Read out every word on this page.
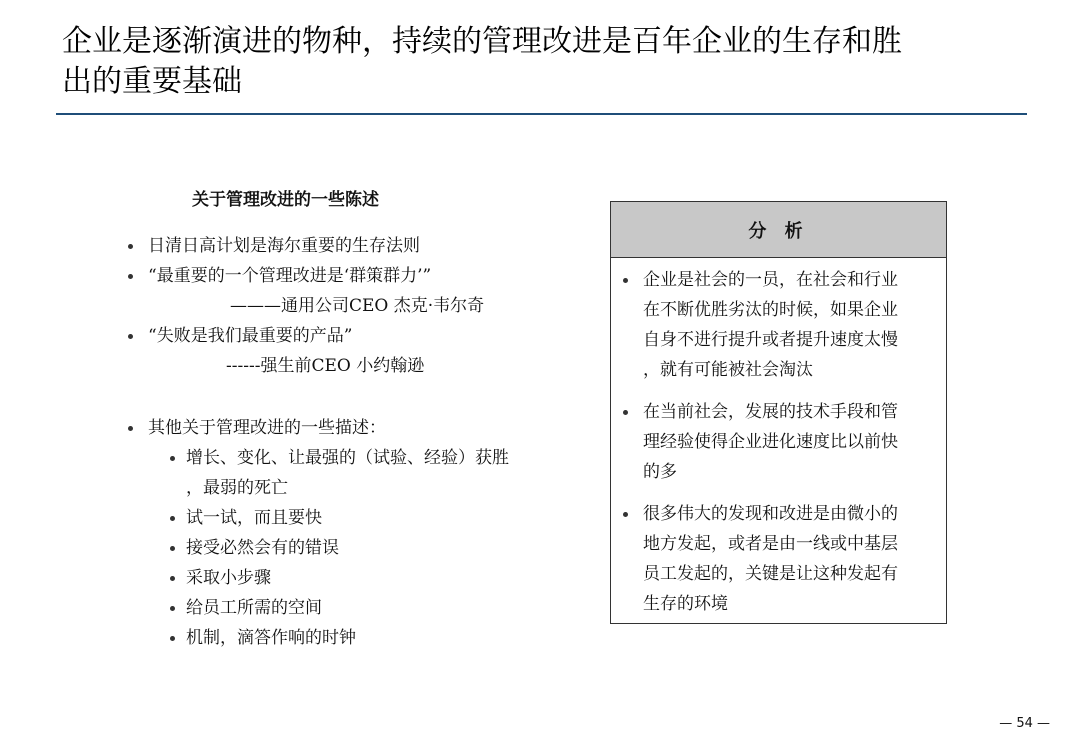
企业是逐渐演进的物种，持续的管理改进是百年企业的生存和胜
出的重要基础
关于管理改进的一些陈述
日清日高计划是海尔重要的生存法则
“最重要的一个管理改进是‘群策群力’”
———通用公司CEO 杰克·韦尔奇
“失败是我们最重要的产品”
------强生前CEO 小约翰逊
其他关于管理改进的一些描述：
增长、变化、让最强的（试验、经验）获胜
，最弱的死亡
试一试，而且要快
接受必然会有的错误
采取小步骤
给员工所需的空间
机制，滴答作响的时钟
分 析
企业是社会的一员，在社会和行业
在不断优胜劣汰的时候，如果企业
自身不进行提升或者提升速度太慢
，就有可能被社会淘汰
在当前社会，发展的技术手段和管
理经验使得企业进化速度比以前快
的多
很多伟大的发现和改进是由微小的
地方发起，或者是由一线或中基层
员工发起的，关键是让这种发起有
生存的环境
— 54 —
